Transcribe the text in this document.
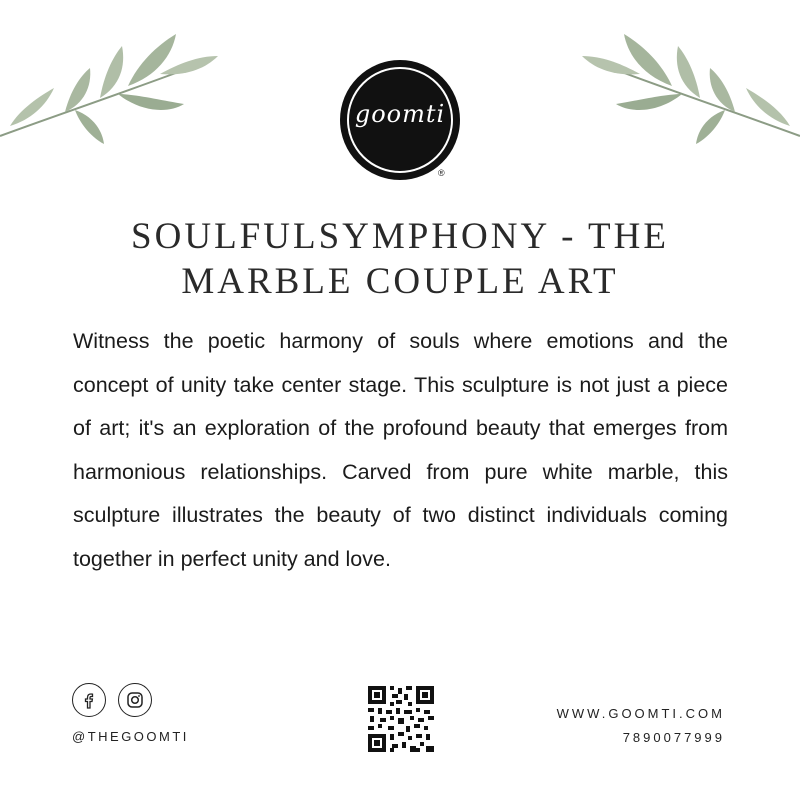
goomti
®
SOULFULSYMPHONY - THE MARBLE COUPLE ART

Witness the poetic harmony of souls where emotions and the concept of unity take center stage. This sculpture is not just a piece of art; it's an exploration of the profound beauty that emerges from harmonious relationships. Carved from pure white marble, this sculpture illustrates the beauty of two distinct individuals coming together in perfect unity and love.

@THEGOOMTI
WWW.GOOMTI.COM
7890077999
